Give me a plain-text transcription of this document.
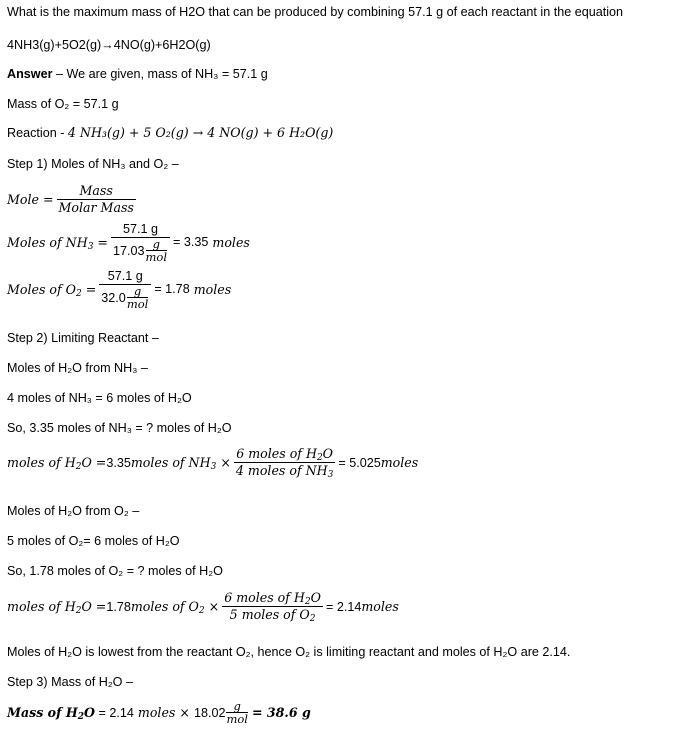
What is the maximum mass of H2O that can be produced by combining 57.1 g of each reactant in the equation
4NH3(g)+5O2(g)→4NO(g)+6H2O(g)
Answer – We are given, mass of NH₃ = 57.1 g
Mass of O₂ = 57.1 g
Reaction - 4 NH₃(g) + 5 O₂(g) → 4 NO(g) + 6 H₂O(g)
Step 1) Moles of NH₃ and O₂ –
Mole = $\frac{\text{Mass}}{\text{Molar Mass}}$
Moles of $NH_3 = 57.1$ g
17.03 g
mol = 3.35 moles
Moles of $O_2 = 57.1$ g
32.0 g
mol = 1.78 moles
Step 2) Limiting Reactant –
Moles of H₂O from NH₃ –
4 moles of NH₃ = 6 moles of H₂O
So, 3.35 moles of NH₃ = ? moles of H₂O
moles of $H_2O = 3.35$ moles of $NH_3 \times \frac{6 moles of H_2O}{4 moles of NH_3} = 5.025$ moles
Moles of H₂O from O₂ –
5 moles of O₂= 6 moles of H₂O
So, 1.78 moles of O₂ = ? moles of H₂O
moles of $H_2O = 1.78$ moles of $O_2 \times \frac{6 moles of H_2O}{5 moles of O_2} = 2.14$ moles
Moles of H₂O is lowest from the reactant O₂, hence O₂ is limiting reactant and moles of H₂O are 2.14.
Step 3) Mass of H₂O –
Mass of $H_2O = 2.14$ moles × 18.02 g
mol = 38.6 g
